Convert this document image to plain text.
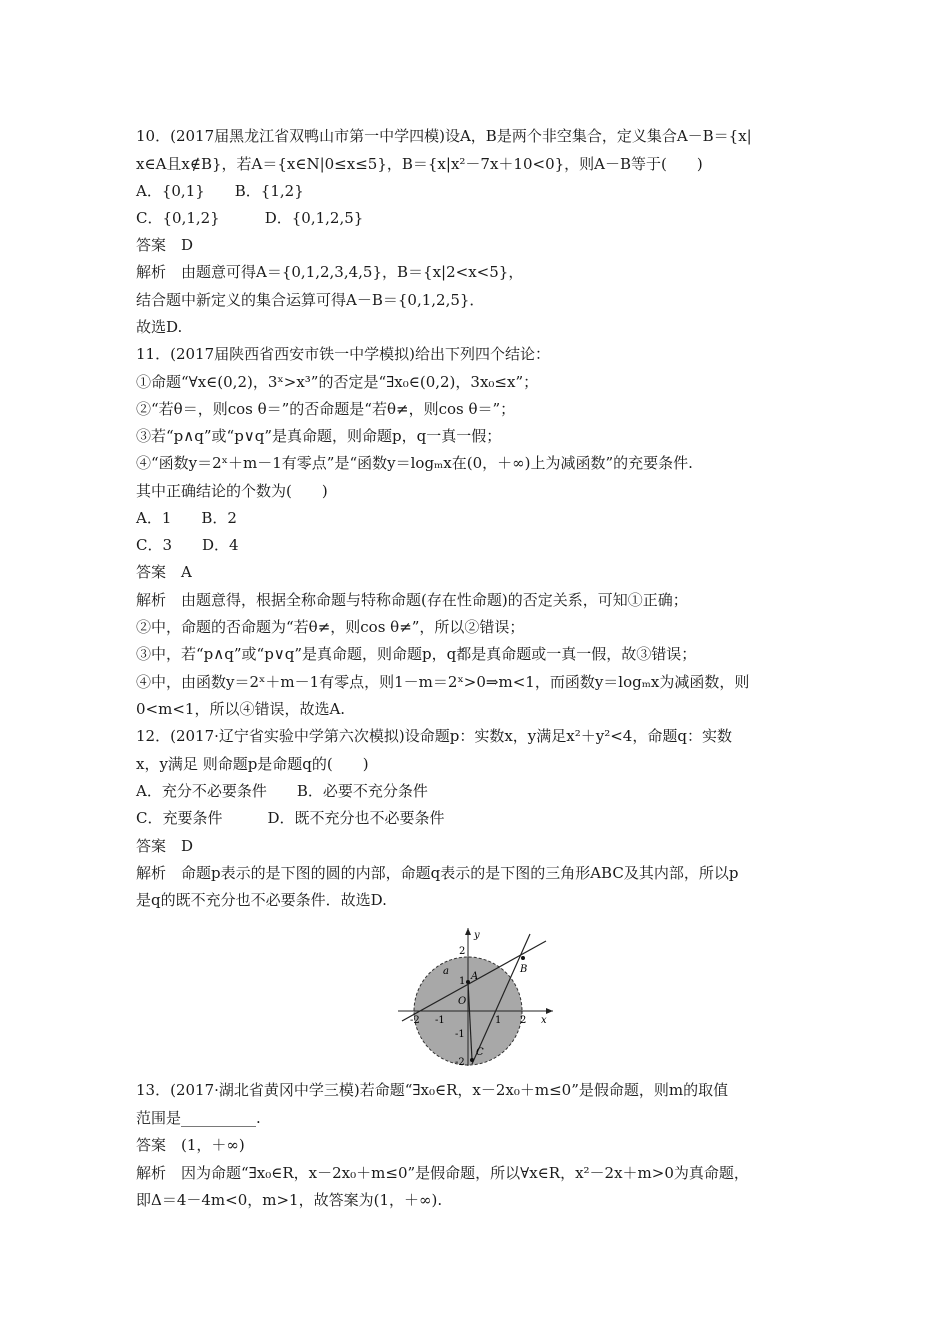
10．(2017届黑龙江省双鸭山市第一中学四模)设A，B是两个非空集合，定义集合A－B＝{x|
x∈A且x∉B}，若A＝{x∈N|0≤x≤5}，B＝{x|x²－7x＋10<0}，则A－B等于(　　)
A．{0,1}　　B．{1,2}
C．{0,1,2}　　　D．{0,1,2,5}
答案　D
解析　由题意可得A＝{0,1,2,3,4,5}，B＝{x|2<x<5}，
结合题中新定义的集合运算可得A－B＝{0,1,2,5}．
故选D.
11．(2017届陕西省西安市铁一中学模拟)给出下列四个结论：
①命题“∀x∈(0,2)，3ˣ>x³”的否定是“∃x₀∈(0,2)，3x₀≤x”；
②“若θ＝，则cos θ＝”的否命题是“若θ≠，则cos θ＝”；
③若“p∧q”或“p∨q”是真命题，则命题p，q一真一假；
④“函数y＝2ˣ＋m－1有零点”是“函数y＝logₘx在(0，＋∞)上为减函数”的充要条件.
其中正确结论的个数为(　　)
A．1　　B．2
C．3　　D．4
答案　A
解析　由题意得，根据全称命题与特称命题(存在性命题)的否定关系，可知①正确；
②中，命题的否命题为“若θ≠，则cos θ≠”，所以②错误；
③中，若“p∧q”或“p∨q”是真命题，则命题p，q都是真命题或一真一假，故③错误；
④中，由函数y＝2ˣ＋m－1有零点，则1－m＝2ˣ>0⇒m<1，而函数y＝logₘx为减函数，则
0<m<1，所以④错误，故选A.
12．(2017·辽宁省实验中学第六次模拟)设命题p：实数x，y满足x²＋y²<4，命题q：实数
x，y满足 则命题p是命题q的(　　)
A．充分不必要条件　　B．必要不充分条件
C．充要条件　　　D．既不充分也不必要条件
答案　D
解析　命题p表示的是下图的圆的内部，命题q表示的是下图的三角形ABC及其内部，所以p
是q的既不充分也不必要条件．故选D.
y
x
O
A
B
C
a
2
1
-1
-2
-2 -1	1 2
13．(2017·湖北省黄冈中学三模)若命题“∃x₀∈R，x－2x₀＋m≤0”是假命题，则m的取值
范围是__________.
答案　(1，＋∞)
解析　因为命题“∃x₀∈R，x－2x₀＋m≤0”是假命题，所以∀x∈R，x²－2x＋m>0为真命题，
即Δ＝4－4m<0，m>1，故答案为(1，＋∞).
